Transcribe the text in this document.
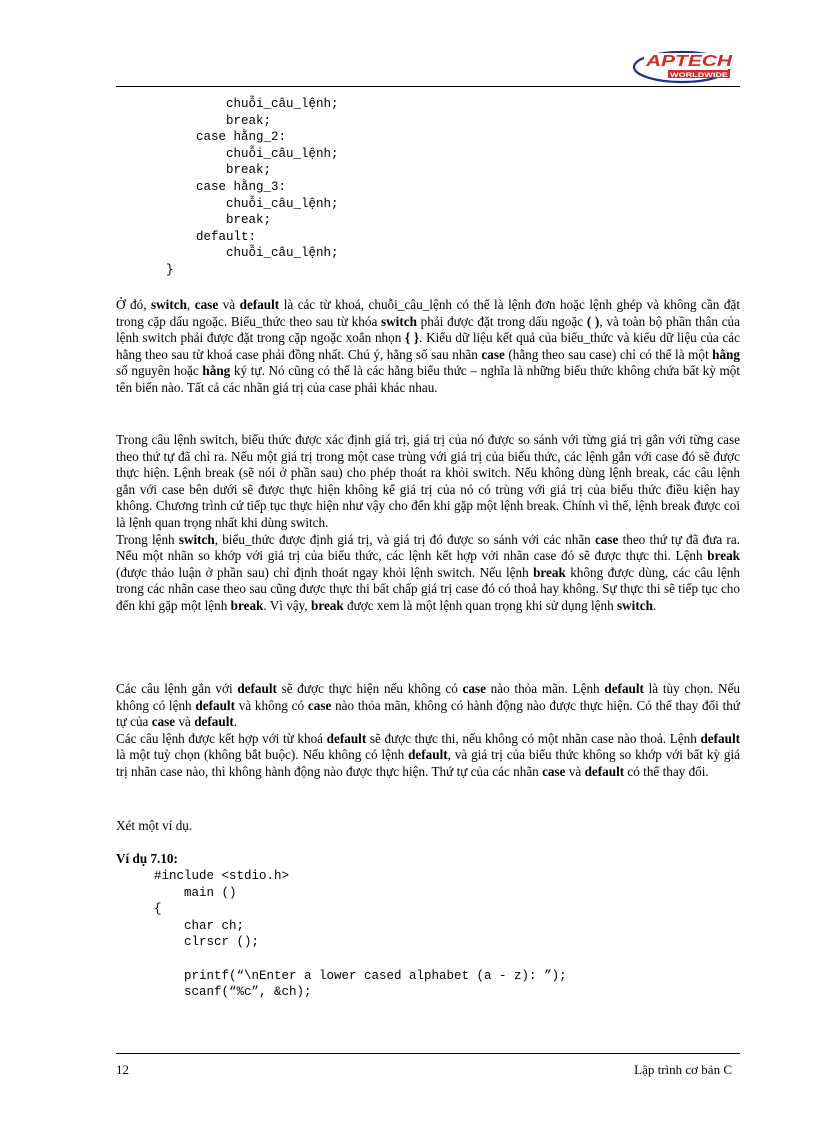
APTECH
WORLDWIDE
chuỗi_câu_lệnh;
break;
case hằng_2:
chuỗi_câu_lệnh;
break;
case hằng_3:
chuỗi_câu_lệnh;
break;
default:
chuỗi_câu_lệnh;
}

Ở đó, switch, case và default là các từ khoá, chuỗi_câu_lệnh có thể là lệnh đơn hoặc lệnh ghép và không cần đặt trong cặp dấu ngoặc. Biểu_thức theo sau từ khóa switch phải được đặt trong dấu ngoặc ( ), và toàn bộ phần thân của lệnh switch phải được đặt trong cặp ngoặc xoắn nhọn { }. Kiểu dữ liệu kết quả của biểu_thức và kiểu dữ liệu của các hằng theo sau từ khoá case phải đồng nhất. Chú ý, hằng số sau nhãn case (hằng theo sau case) chỉ có thể là một hằng số nguyên hoặc hằng ký tự. Nó cũng có thể là các hằng biểu thức – nghĩa là những biểu thức không chứa bất kỳ một tên biến nào. Tất cả các nhãn giá trị của case phải khác nhau.

Trong câu lệnh switch, biểu thức được xác định giá trị, giá trị của nó được so sánh với từng giá trị gắn với từng case theo thứ tự đã chỉ ra. Nếu một giá trị trong một case trùng với giá trị của biểu thức, các lệnh gắn với case đó sẽ được thực hiện. Lệnh break (sẽ nói ở phần sau) cho phép thoát ra khỏi switch. Nếu không dùng lệnh break, các câu lệnh gắn với case bên dưới sẽ được thực hiện không kể giá trị của nó có trùng với giá trị của biểu thức điều kiện hay không. Chương trình cứ tiếp tục thực hiện như vậy cho đến khi gặp một lệnh break. Chính vì thế, lệnh break được coi là lệnh quan trọng nhất khi dùng switch.
Trong lệnh switch, biểu_thức được định giá trị, và giá trị đó được so sánh với các nhãn case theo thứ tự đã đưa ra. Nếu một nhãn so khớp với giá trị của biểu thức, các lệnh kết hợp với nhãn case đó sẽ được thực thi. Lệnh break (được thảo luận ở phần sau) chỉ định thoát ngay khỏi lệnh switch. Nếu lệnh break không được dùng, các câu lệnh trong các nhãn case theo sau cũng được thực thi bất chấp giá trị case đó có thoả hay không. Sự thực thi sẽ tiếp tục cho đến khi gặp một lệnh break. Vì vậy, break được xem là một lệnh quan trọng khi sử dụng lệnh switch.

Các câu lệnh gắn với default sẽ được thực hiện nếu không có case nào thỏa mãn. Lệnh default là tùy chọn. Nếu không có lệnh default và không có case nào thỏa mãn, không có hành động nào được thực hiện. Có thể thay đổi thứ tự của case và default.
Các câu lệnh được kết hợp với từ khoá default sẽ được thực thi, nếu không có một nhãn case nào thoả. Lệnh default là một tuỳ chọn (không bắt buộc). Nếu không có lệnh default, và giá trị của biểu thức không so khớp với bất kỳ giá trị nhãn case nào, thì không hành động nào được thực hiện. Thứ tự của các nhãn case và default có thể thay đổi.

Xét một ví dụ.

Ví dụ 7.10:
#include <stdio.h>
main ()
{
char ch;
clrscr ();

printf(“\nEnter a lower cased alphabet (a - z): ”);
scanf(“%c”, &ch);

12	Lập trình cơ bản C
